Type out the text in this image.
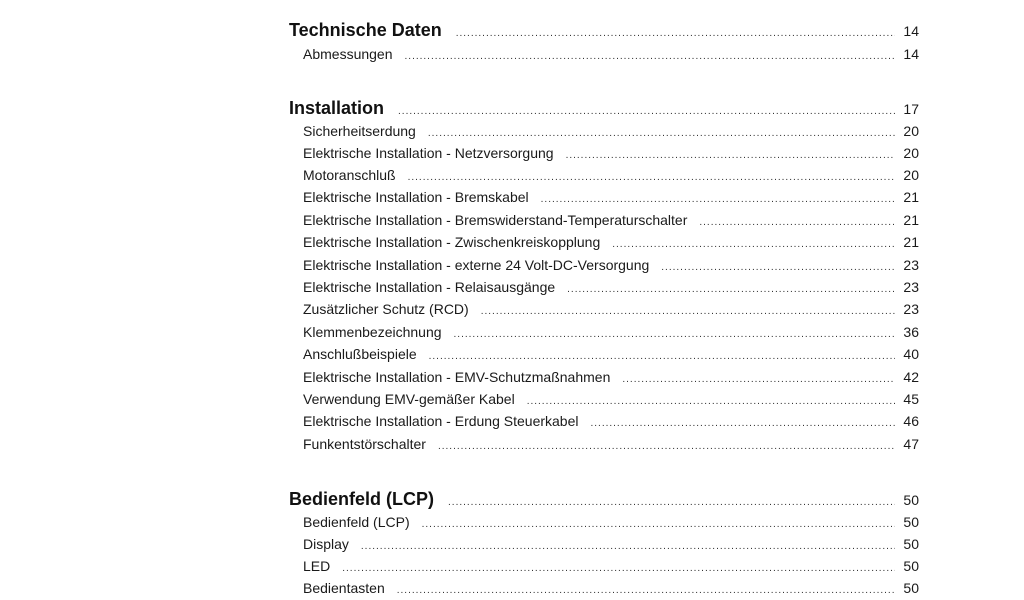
Technische Daten .....	14
Abmessungen .....	14
Installation .....	17
Sicherheitserdung .....	20
Elektrische Installation - Netzversorgung .....	20
Motoranschluß .....	20
Elektrische Installation - Bremskabel .....	21
Elektrische Installation - Bremswiderstand-Temperaturschalter .....	21
Elektrische Installation - Zwischenkreiskopplung .....	21
Elektrische Installation - externe 24 Volt-DC-Versorgung .....	23
Elektrische Installation - Relaisausgänge .....	23
Zusätzlicher Schutz (RCD) .....	23
Klemmenbezeichnung .....	36
Anschlußbeispiele .....	40
Elektrische Installation - EMV-Schutzmaßnahmen .....	42
Verwendung EMV-gemäßer Kabel .....	45
Elektrische Installation - Erdung Steuerkabel .....	46
Funkentstörschalter .....	47
Bedienfeld (LCP) .....	50
Bedienfeld (LCP) .....	50
Display .....	50
LED .....	50
Bedientasten .....	50
